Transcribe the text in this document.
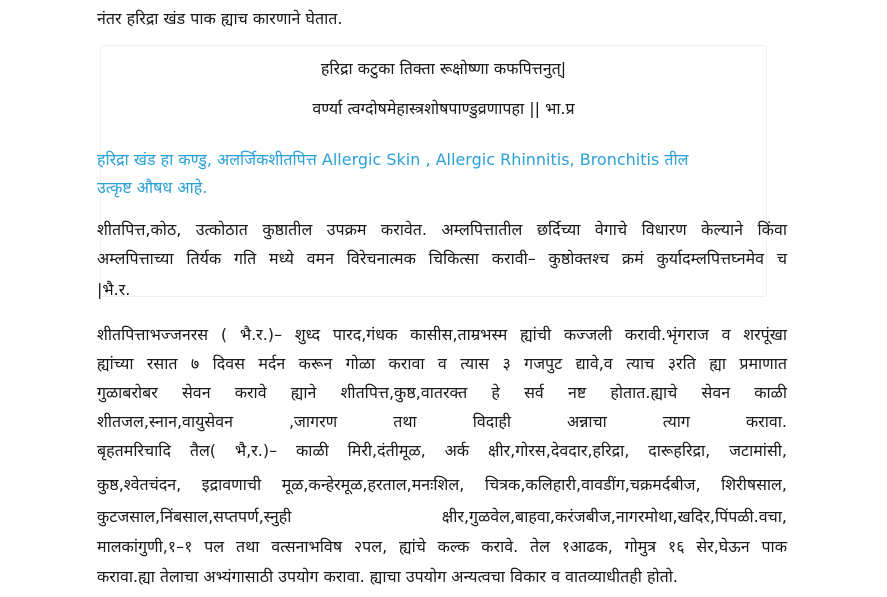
नंतर हरिद्रा खंड पाक ह्याच कारणाने घेतात.
हरिद्रा कटुका तिक्ता रूक्षोष्णा कफपित्तनुत्|
वर्ण्या त्वग्दोषमेहास्त्रशोषपाण्डुव्रणापहा || भा.प्र
हरिद्रा खंड हा कण्डु, अलर्जिकशीतपित्त Allergic Skin , Allergic Rhinnitis, Bronchitis तील
उत्कृष्ट औषध आहे.
शीतपित्त,कोठ, उत्कोठात कुष्ठातील उपक्रम करावेत. अम्लपित्तातील छर्दिच्या वेगाचे विधारण केल्याने किंवा
अम्लपित्ताच्या तिर्यक गति मध्ये वमन विरेचनात्मक चिकित्सा करावी– कुष्ठोक्तश्च क्रमं कुर्यादम्लपित्तघ्नमेव च
|भै.र.
शीतपित्ताभज्जनरस ( भै.र.)– शुध्द पारद,गंधक कासीस,ताम्रभस्म ह्यांची कज्जली करावी.भृंगराज व शरपूंखा
ह्यांच्या रसात ७ दिवस मर्दन करून गोळा करावा व त्यास ३ गजपुट द्यावे,व त्याच ३रति ह्या प्रमाणात
गुळाबरोबर सेवन करावे ह्याने शीतपित्त,कुष्ठ,वातरक्त हे सर्व नष्ट होतात.ह्याचे सेवन काळी
शीतजल,स्नान,वायुसेवन ,जागरण तथा विदाही अन्नाचा त्याग करावा.
बृहतमरिचादि तैल( भै,र.)– काळी मिरी,दंतीमूळ, अर्क क्षीर,गोरस,देवदार,हरिद्रा, दारूहरिद्रा, जटामांसी,
कुष्ठ,श्वेतचंदन, इद्रावणाची मूळ,कन्हेरमूळ,हरताल,मनःशिल, चित्रक,कलिहारी,वावडींग,चक्रमर्दबीज, शिरीषसाल,
कुटजसाल,निंबसाल,सप्तपर्ण,स्नुही क्षीर,गुळवेल,बाहवा,करंजबीज,नागरमोथा,खदिर,पिंपळी.वचा,
मालकांगुणी,१–१ पल तथा वत्सनाभविष २पल, ह्यांचे कल्क करावे. तेल १आढक, गोमुत्र १६ सेर,घेऊन पाक
करावा.ह्या तेलाचा अभ्यंगासाठी उपयोग करावा. ह्याचा उपयोग अन्यत्वचा विकार व वातव्याधीतही होतो.
